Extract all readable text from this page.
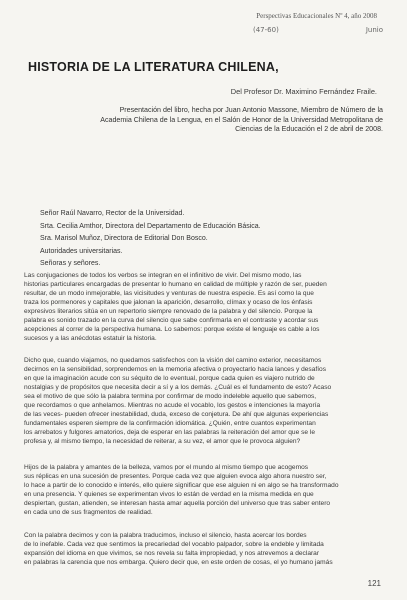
Perspectivas Educacionales Nº 4, año 2008
(47-60)	Junio
HISTORIA DE LA LITERATURA CHILENA,
Del Profesor Dr. Maximino Fernández Fraile.
Presentación del libro, hecha por Juan Antonio Massone, Miembro de Número de la
Academia Chilena de la Lengua, en el Salón de Honor de la Universidad Metropolitana de
Ciencias de la Educación el 2 de abril de 2008.
Señor Raúl Navarro, Rector de la Universidad.
Srta. Cecilia Amthor, Directora del Departamento de Educación Básica.
Sra. Marisol Muñoz, Directora de Editorial Don Bosco.
Autoridades universitarias.
Señoras y señores.
Las conjugaciones de todos los verbos se integran en el infinitivo de vivir. Del mismo modo, las
historias particulares encargadas de presentar lo humano en calidad de múltiple y razón de ser, pueden
resultar, de un modo inmejorable, las vicisitudes y venturas de nuestra especie. Es así como la que
traza los pormenores y capitales que jalonan la aparición, desarrollo, clímax y ocaso de los énfasis
expresivos literarios sitúa en un repertorio siempre renovado de la palabra y del silencio. Porque la
palabra es sonido trazado en la curva del silencio que sabe confirmarla en el contraste y acordar sus
acepciones al correr de la perspectiva humana. Lo sabemos: porque existe el lenguaje es cable a los
sucesos y a las anécdotas estatuir la historia.
Dicho que, cuando viajamos, no quedamos satisfechos con la visión del camino exterior, necesitamos
decirnos en la sensibilidad, sorprendernos en la memoria afectiva o proyectarlo hacia lances y desafíos
en que la imaginación acude con su séquito de lo eventual, porque cada quien es viajero nutrido de
nostalgias y de propósitos que necesita decir a sí y a los demás. ¿Cuál es el fundamento de esto? Acaso
sea el motivo de que sólo la palabra termina por confirmar de modo indeleble aquello que sabemos,
que recordamos o que anhelamos. Mientras no acude el vocablo, los gestos e intenciones la mayoría
de las veces- pueden ofrecer inestabilidad, duda, exceso de conjetura. De ahí que algunas experiencias
fundamentales esperen siempre de la confirmación idiomática. ¿Quién, entre cuantos experimentan
los arrebatos y fulgores amatorios, deja de esperar en las palabras la reiteración del amor que se le
profesa y, al mismo tiempo, la necesidad de reiterar, a su vez, el amor que le provoca alguien?
Hijos de la palabra y amantes de la belleza, vamos por el mundo al mismo tiempo que acogemos
sus réplicas en una sucesión de presentes. Porque cada vez que alguien evoca algo ahora nuestro ser,
lo hace a partir de lo conocido e interés, ello quiere significar que ese alguien ni en algo se ha transformado
en una presencia. Y quienes se experimentan vivos lo están de verdad en la misma medida en que
despiertan, gustan, atienden, se interesan hasta amar aquella porción del universo que tras saber entero
en cada uno de sus fragmentos de realidad.
Con la palabra decimos y con la palabra traducimos, incluso el silencio, hasta acercar los bordes
de lo inefable. Cada vez que sentimos la precariedad del vocablo palpador, sobre la endeble y limitada
expansión del idioma en que vivimos, se nos revela su falta impropiedad, y nos atrevemos a declarar
en palabras la carencia que nos embarga. Quiero decir que, en este orden de cosas, el yo humano jamás
121
